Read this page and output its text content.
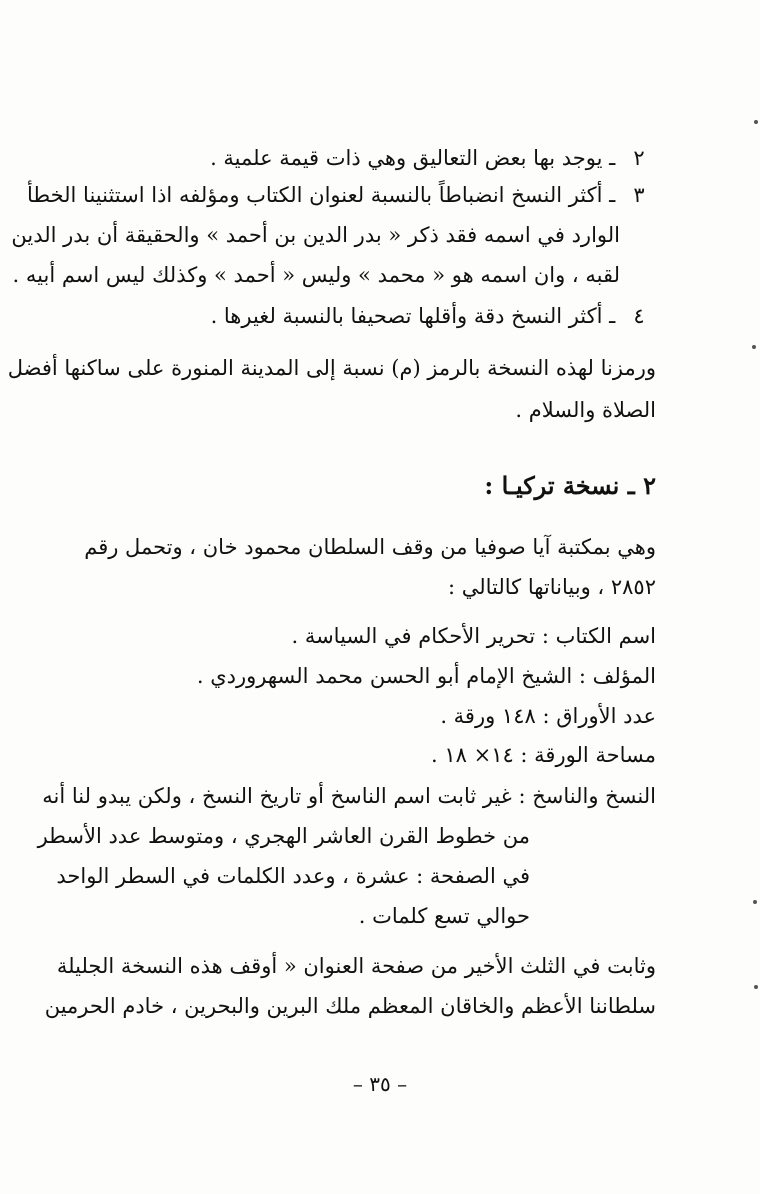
٢ ـ يوجد بها بعض التعاليق وهي ذات قيمة علمية .
٣ ـ أكثر النسخ انضباطاً بالنسبة لعنوان الكتاب ومؤلفه اذا استثنينا الخطأ
الوارد في اسمه فقد ذكر « بدر الدين بن أحمد » والحقيقة أن بدر الدين
لقبه ، وان اسمه هو « محمد » وليس « أحمد » وكذلك ليس اسم أبيه .
٤ ـ أكثر النسخ دقة وأقلها تصحيفا بالنسبة لغيرها .
ورمزنا لهذه النسخة بالرمز (م) نسبة إلى المدينة المنورة على ساكنها أفضل
الصلاة والسلام .
٢ ـ نسخة تركيـا :
وهي بمكتبة آيا صوفيا من وقف السلطان محمود خان ، وتحمل رقم
٢٨٥٢ ، وبياناتها كالتالي :
اسم الكتاب : تحرير الأحكام في السياسة .
المؤلف : الشيخ الإمام أبو الحسن محمد السهروردي .
عدد الأوراق : ١٤٨ ورقة .
مساحة الورقة : ١٤× ١٨ .
النسخ والناسخ : غير ثابت اسم الناسخ أو تاريخ النسخ ، ولكن يبدو لنا أنه
من خطوط القرن العاشر الهجري ، ومتوسط عدد الأسطر
في الصفحة : عشرة ، وعدد الكلمات في السطر الواحد
حوالي تسع كلمات .
وثابت في الثلث الأخير من صفحة العنوان « أوقف هذه النسخة الجليلة
سلطاننا الأعظم والخاقان المعظم ملك البرين والبحرين ، خادم الحرمين
– ٣٥ –
